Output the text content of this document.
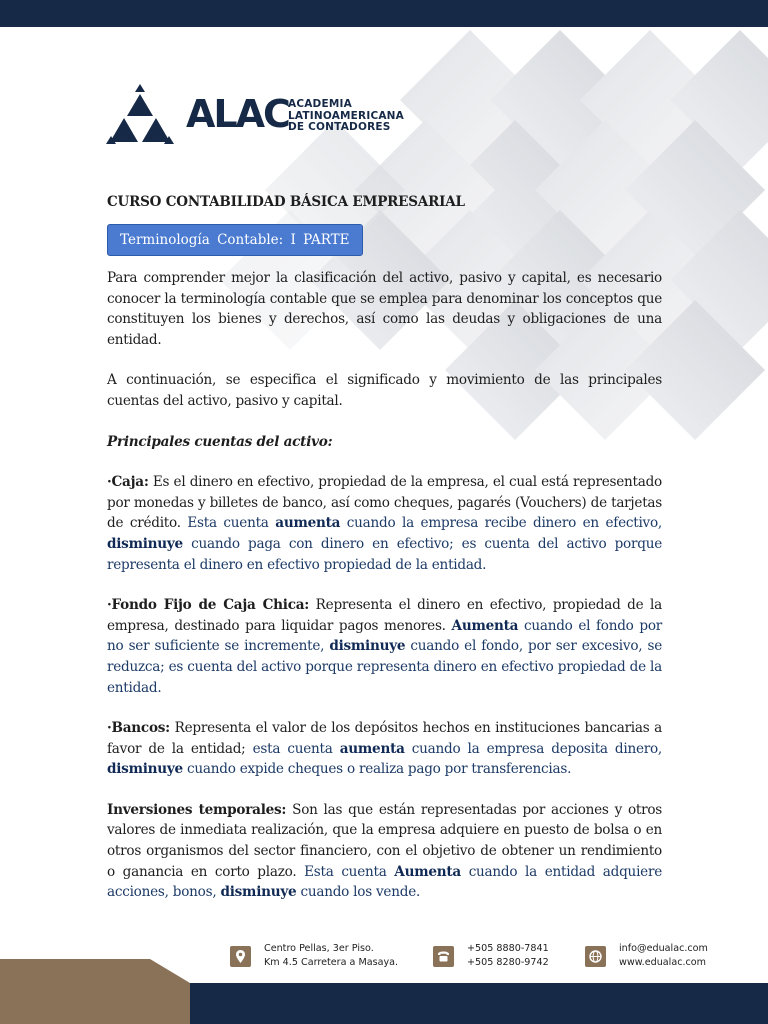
ALAC ACADEMIA
LATINOAMERICANA
DE CONTADORES
CURSO CONTABILIDAD BÁSICA EMPRESARIAL
Terminología Contable: I PARTE

Para comprender mejor la clasificación del activo, pasivo y capital, es necesario conocer la terminología contable que se emplea para denominar los conceptos que constituyen los bienes y derechos, así como las deudas y obligaciones de una entidad.

A continuación, se especifica el significado y movimiento de las principales cuentas del activo, pasivo y capital.

Principales cuentas del activo:

·Caja: Es el dinero en efectivo, propiedad de la empresa, el cual está representado por monedas y billetes de banco, así como cheques, pagarés (Vouchers) de tarjetas de crédito. Esta cuenta aumenta cuando la empresa recibe dinero en efectivo, disminuye cuando paga con dinero en efectivo; es cuenta del activo porque representa el dinero en efectivo propiedad de la entidad.

·Fondo Fijo de Caja Chica: Representa el dinero en efectivo, propiedad de la empresa, destinado para liquidar pagos menores. Aumenta cuando el fondo por no ser suficiente se incremente, disminuye cuando el fondo, por ser excesivo, se reduzca; es cuenta del activo porque representa dinero en efectivo propiedad de la entidad.

·Bancos: Representa el valor de los depósitos hechos en instituciones bancarias a favor de la entidad; esta cuenta aumenta cuando la empresa deposita dinero, disminuye cuando expide cheques o realiza pago por transferencias.

Inversiones temporales: Son las que están representadas por acciones y otros valores de inmediata realización, que la empresa adquiere en puesto de bolsa o en otros organismos del sector financiero, con el objetivo de obtener un rendimiento o ganancia en corto plazo. Esta cuenta Aumenta cuando la entidad adquiere acciones, bonos, disminuye cuando los vende.

Centro Pellas, 3er Piso.
Km 4.5 Carretera a Masaya.
+505 8880-7841
+505 8280-9742
info@edualac.com
www.edualac.com
